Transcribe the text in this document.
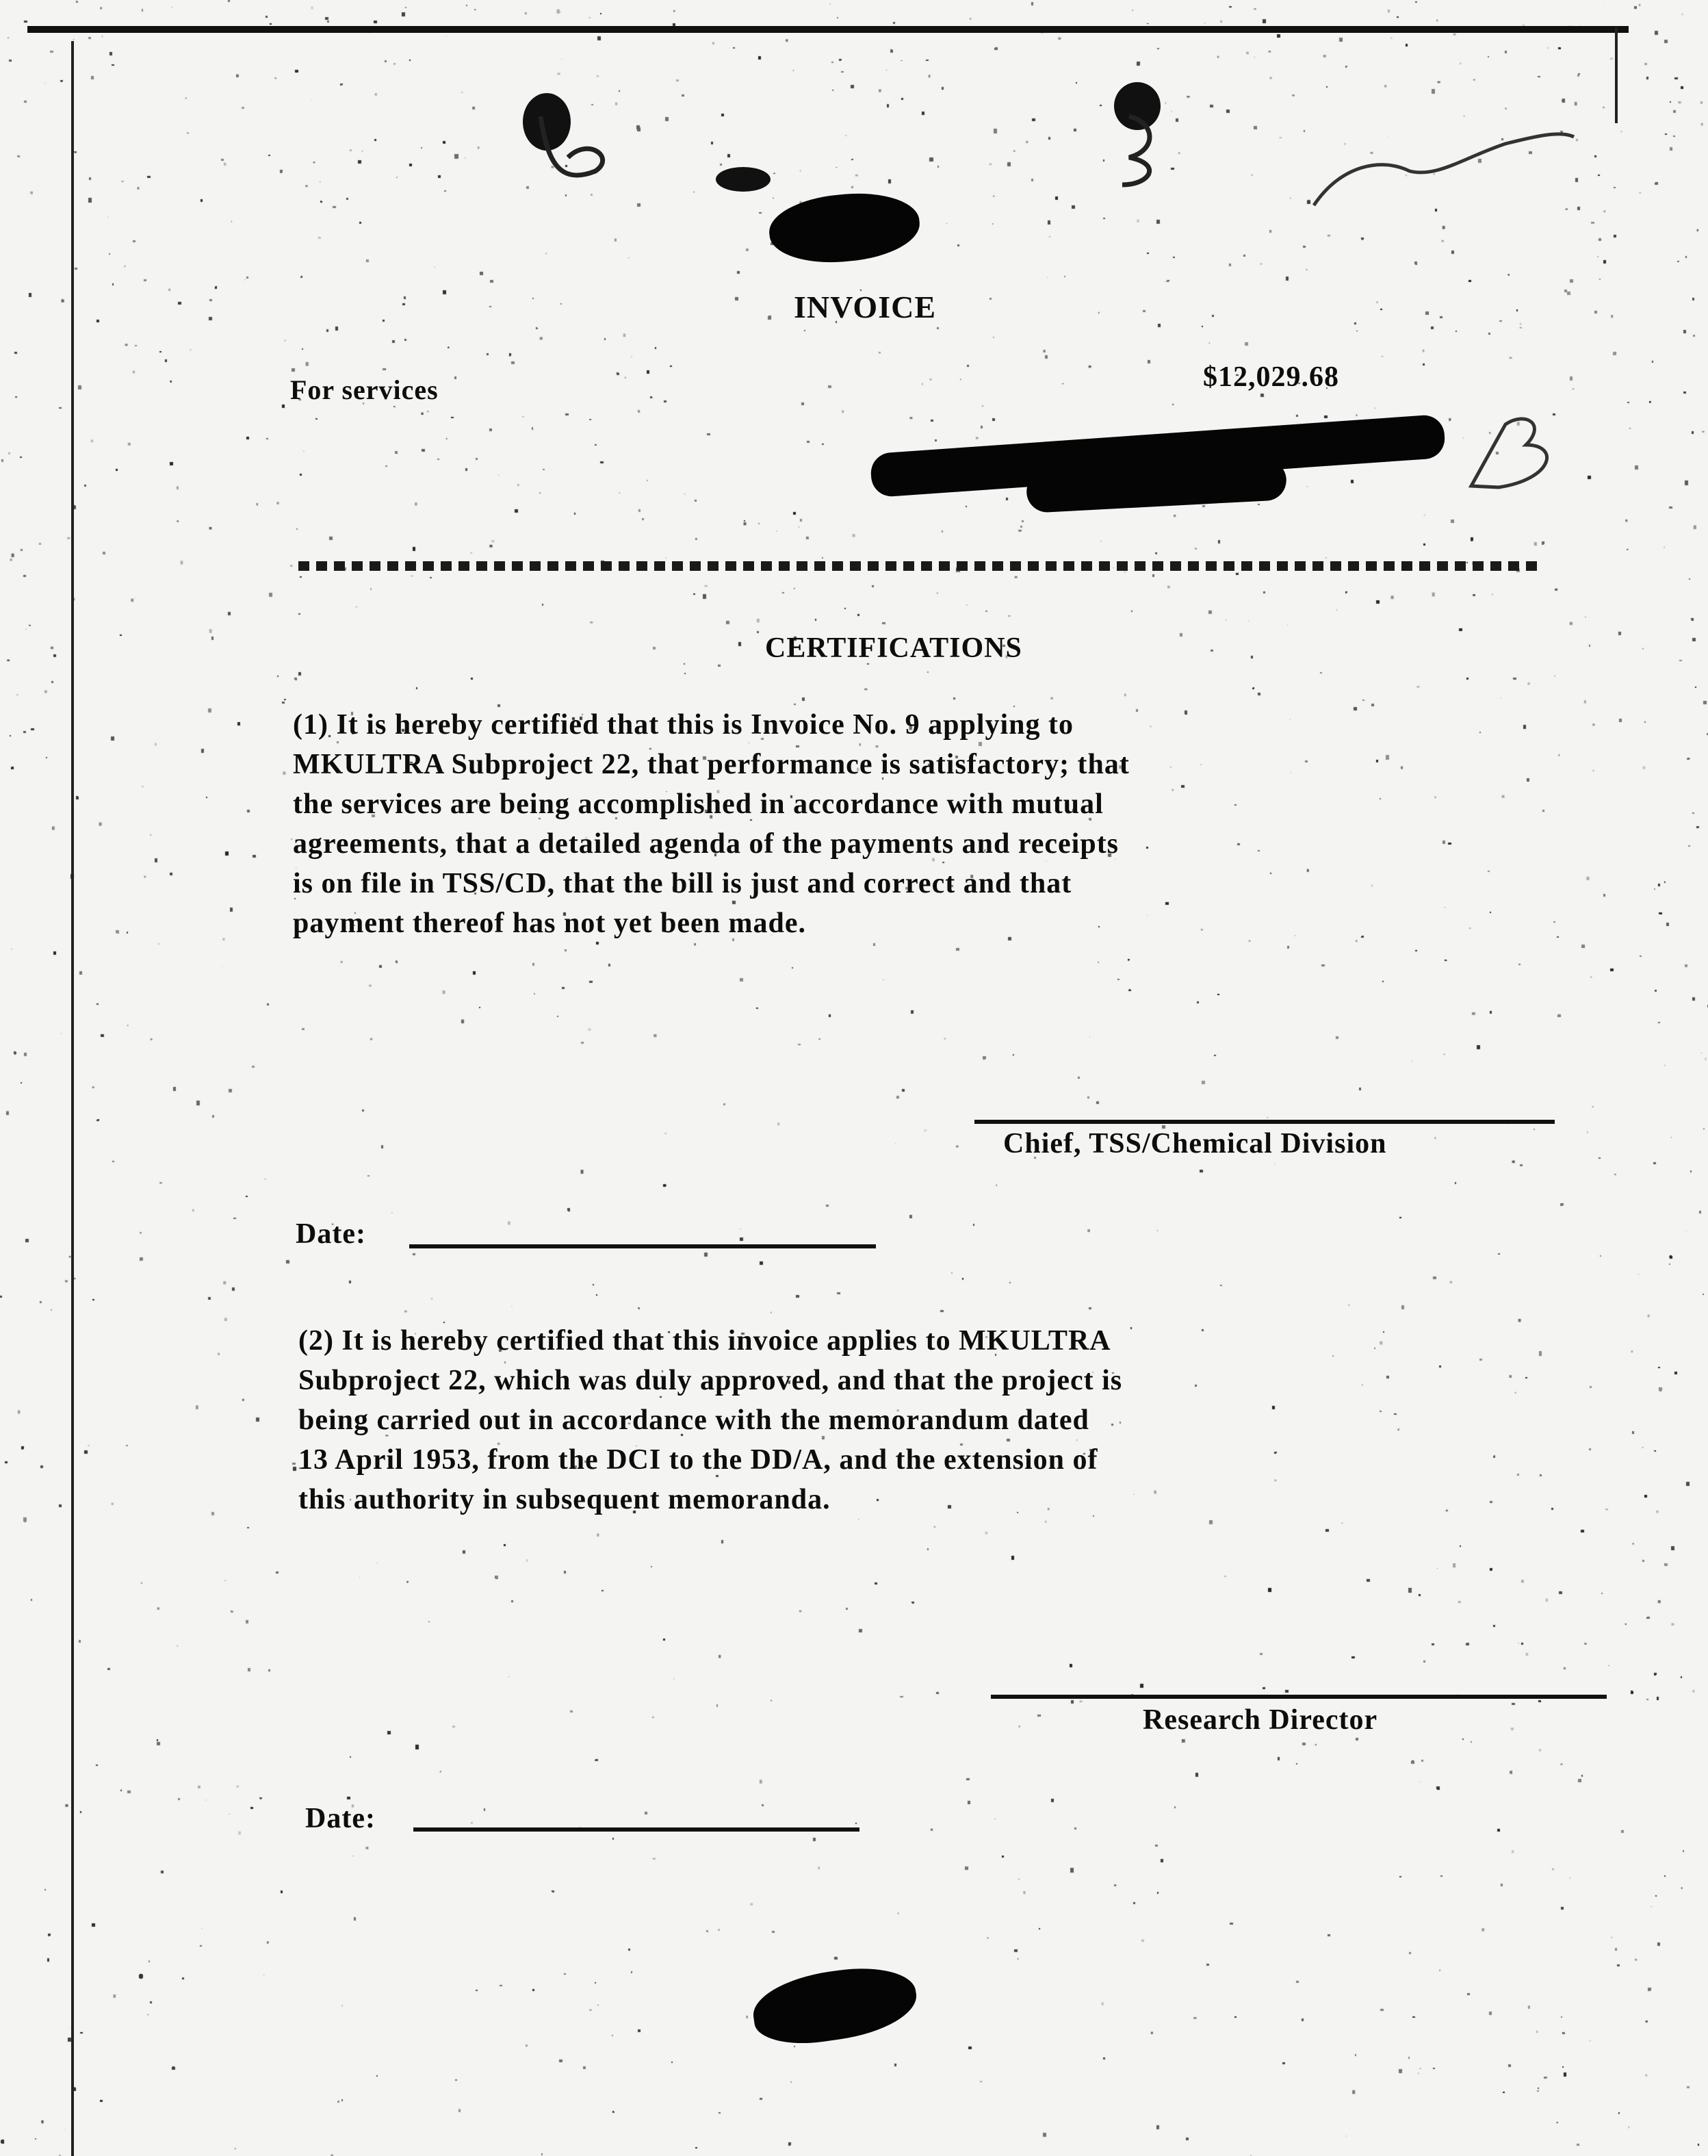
INVOICE
For services	$12,029.68
CERTIFICATIONS
(1) It is hereby certified that this is Invoice No. 9 applying to
MKULTRA Subproject 22, that performance is satisfactory; that
the services are being accomplished in accordance with mutual
agreements, that a detailed agenda of the payments and receipts
is on file in TSS/CD, that the bill is just and correct and that
payment thereof has not yet been made.
Chief, TSS/Chemical Division
Date:
(2) It is hereby certified that this invoice applies to MKULTRA
Subproject 22, which was duly approved, and that the project is
being carried out in accordance with the memorandum dated
13 April 1953, from the DCI to the DD/A, and the extension of
this authority in subsequent memoranda.
Research Director
Date:
